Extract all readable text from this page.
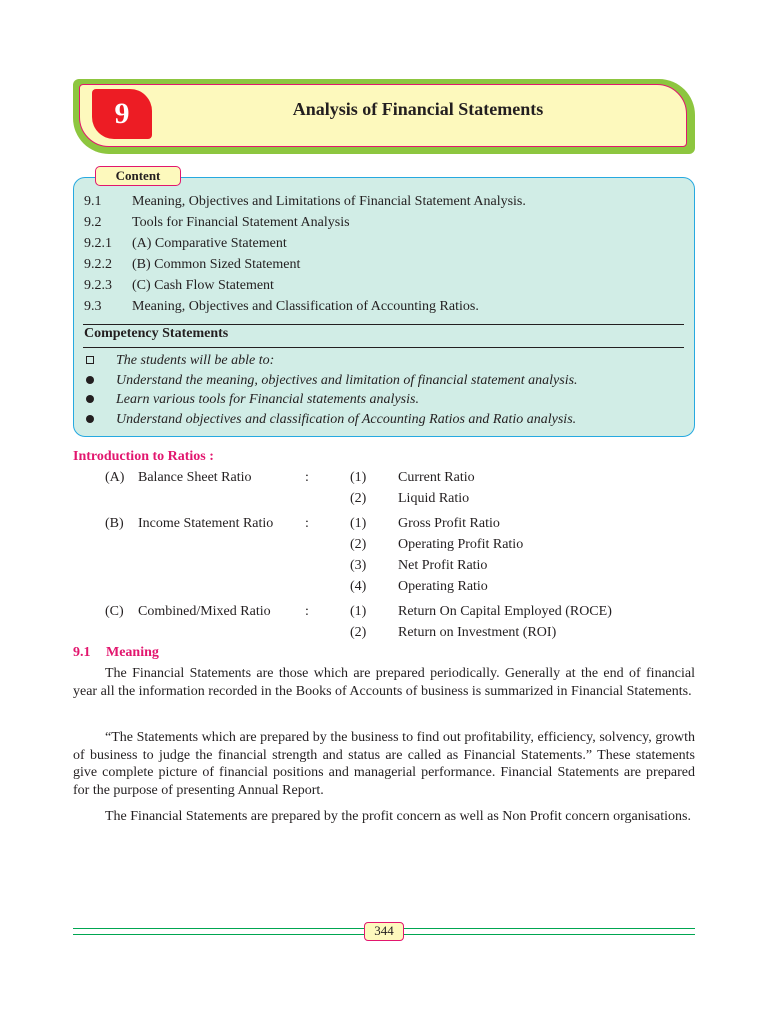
9	Analysis of Financial Statements
Content
9.1 Meaning, Objectives and Limitations of Financial Statement Analysis.
9.2 Tools for Financial Statement Analysis
9.2.1 (A) Comparative Statement
9.2.2 (B) Common Sized Statement
9.2.3 (C) Cash Flow Statement
9.3 Meaning, Objectives and Classification of Accounting Ratios.
Competency Statements
The students will be able to:
Understand the meaning, objectives and limitation of financial statement analysis.
Learn various tools for Financial statements analysis.
Understand objectives and classification of Accounting Ratios and Ratio analysis.
Introduction to Ratios :
(A) Balance Sheet Ratio	:	(1) Current Ratio
(2) Liquid Ratio
(B) Income Statement Ratio :	(1) Gross Profit Ratio
(2) Operating Profit Ratio
(3) Net Profit Ratio
(4) Operating Ratio
(C) Combined/Mixed Ratio :	(1) Return On Capital Employed (ROCE)
(2) Return on Investment (ROI)
9.1 Meaning
The Financial Statements are those which are prepared periodically. Generally at the end of financial year all the information recorded in the Books of Accounts of business is summarized in Financial Statements.
“The Statements which are prepared by the business to find out profitability, efficiency, solvency, growth of business to judge the financial strength and status are called as Financial Statements.” These statements give complete picture of financial positions and managerial performance. Financial Statements are prepared for the purpose of presenting Annual Report.
The Financial Statements are prepared by the profit concern as well as Non Profit concern organisations.
344
